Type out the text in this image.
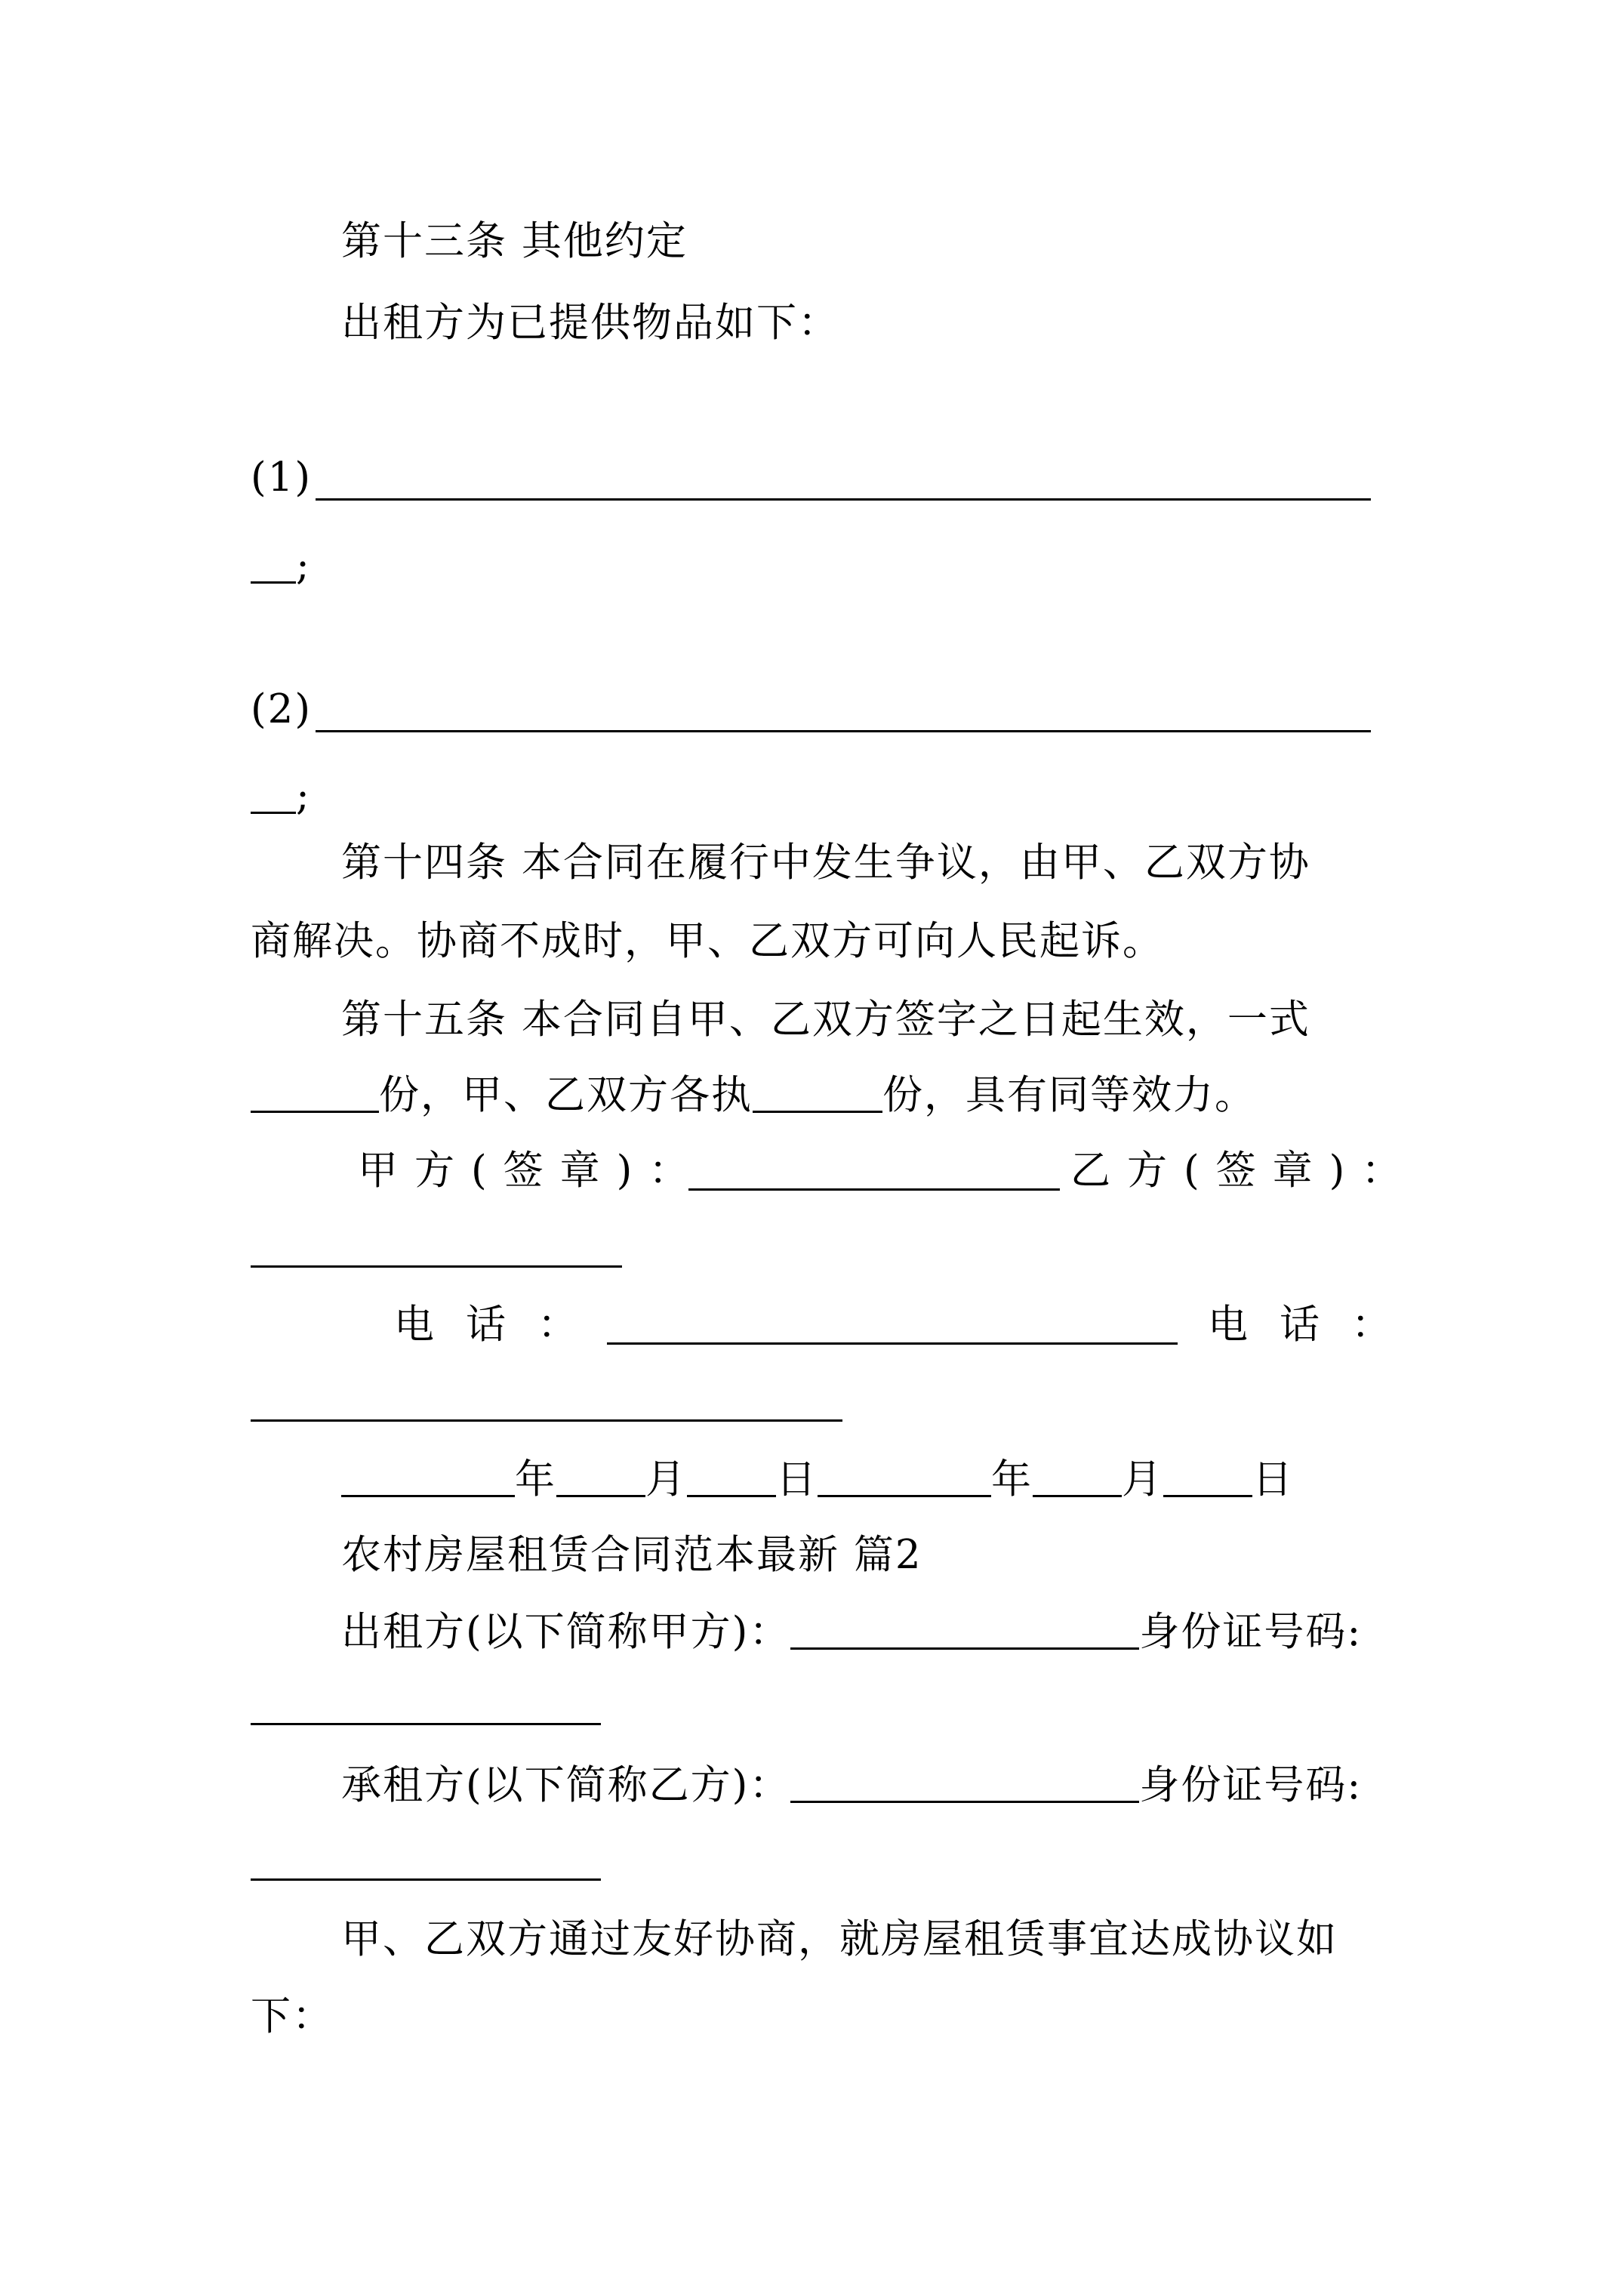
第十三条 其他约定
出租方为已提供物品如下：
(1)
;
(2)
;
第十四条 本合同在履行中发生争议，由甲、乙双方协
商解决。协商不成时，甲、乙双方可向人民起诉。
第十五条 本合同自甲、乙双方签字之日起生效，一式
份，甲、乙双方各执	份，具有同等效力。
甲方(签章)：	乙方(签章)：
电话：	电话：
年 月 日	年 月 日
农村房屋租赁合同范本最新 篇2
出租方(以下简称甲方)：	身份证号码:
承租方(以下简称乙方)：	身份证号码:
甲、乙双方通过友好协商，就房屋租赁事宜达成协议如
下：
